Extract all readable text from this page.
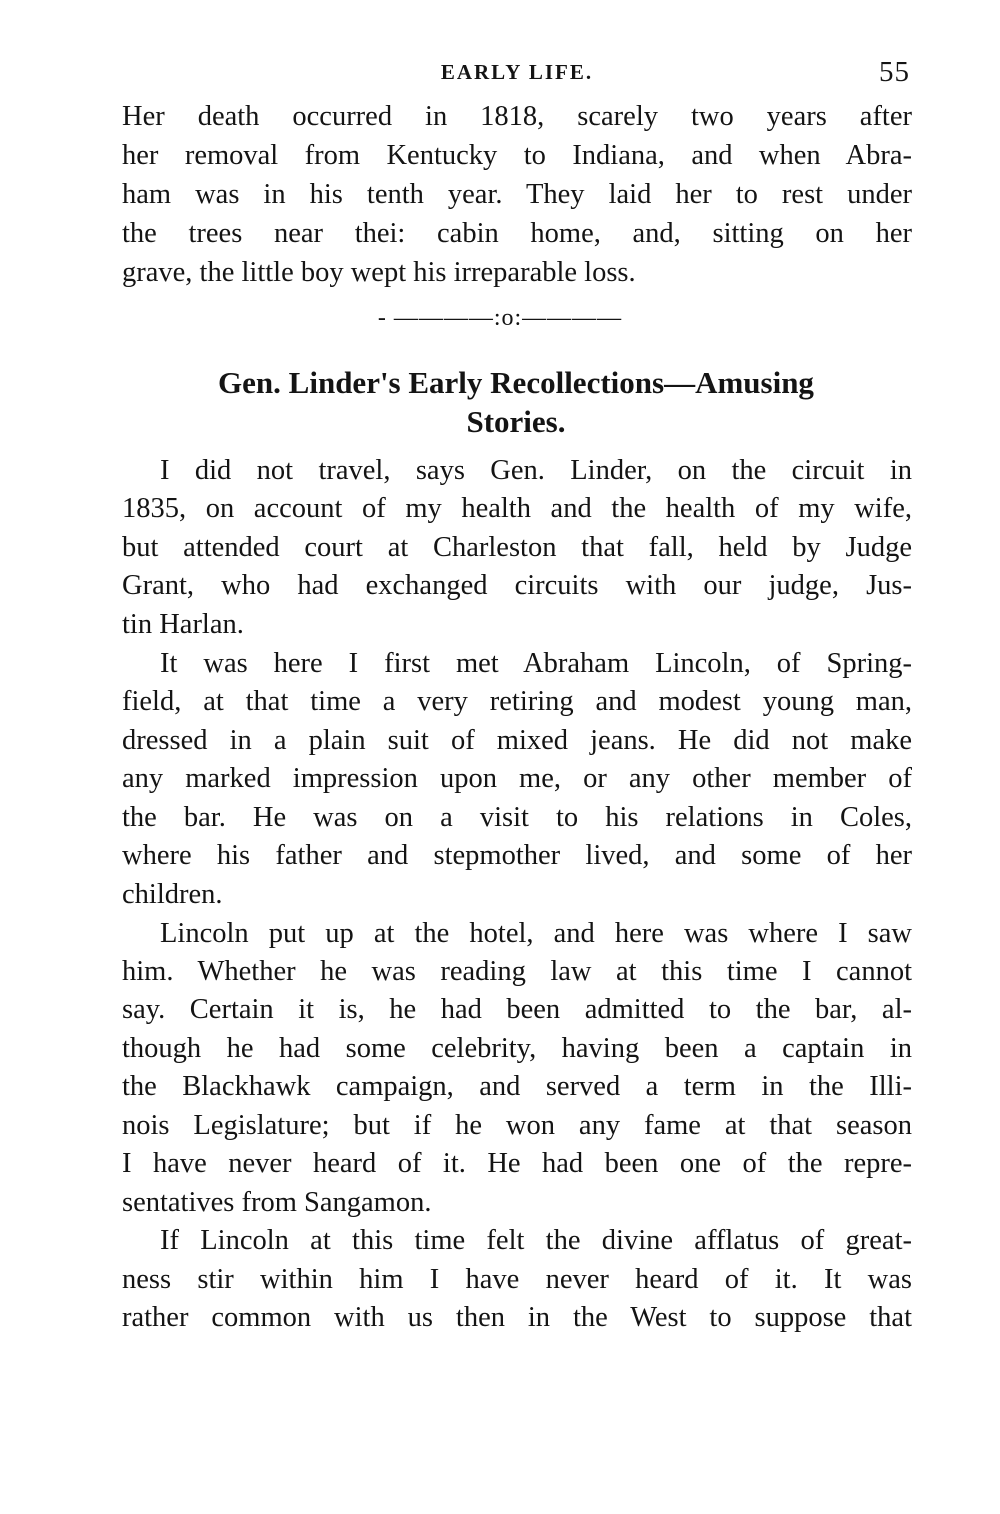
EARLY LIFE.	55
Her death occurred in 1818, scarely two years after
her removal from Kentucky to Indiana, and when Abra-
ham was in his tenth year. They laid her to rest under
the trees near thei: cabin home, and, sitting on her
grave, the little boy wept his irreparable loss.
- ————:o:————
Gen. Linder's Early Recollections—Amusing
Stories.
I did not travel, says Gen. Linder, on the circuit in
1835, on account of my health and the health of my wife,
but attended court at Charleston that fall, held by Judge
Grant, who had exchanged circuits with our judge, Jus-
tin Harlan.
It was here I first met Abraham Lincoln, of Spring-
field, at that time a very retiring and modest young man,
dressed in a plain suit of mixed jeans. He did not make
any marked impression upon me, or any other member of
the bar. He was on a visit to his relations in Coles,
where his father and stepmother lived, and some of her
children.
Lincoln put up at the hotel, and here was where I saw
him. Whether he was reading law at this time I cannot
say. Certain it is, he had been admitted to the bar, al-
though he had some celebrity, having been a captain in
the Blackhawk campaign, and served a term in the Illi-
nois Legislature; but if he won any fame at that season
I have never heard of it. He had been one of the repre-
sentatives from Sangamon.
If Lincoln at this time felt the divine afflatus of great-
ness stir within him I have never heard of it. It was
rather common with us then in the West to suppose that
